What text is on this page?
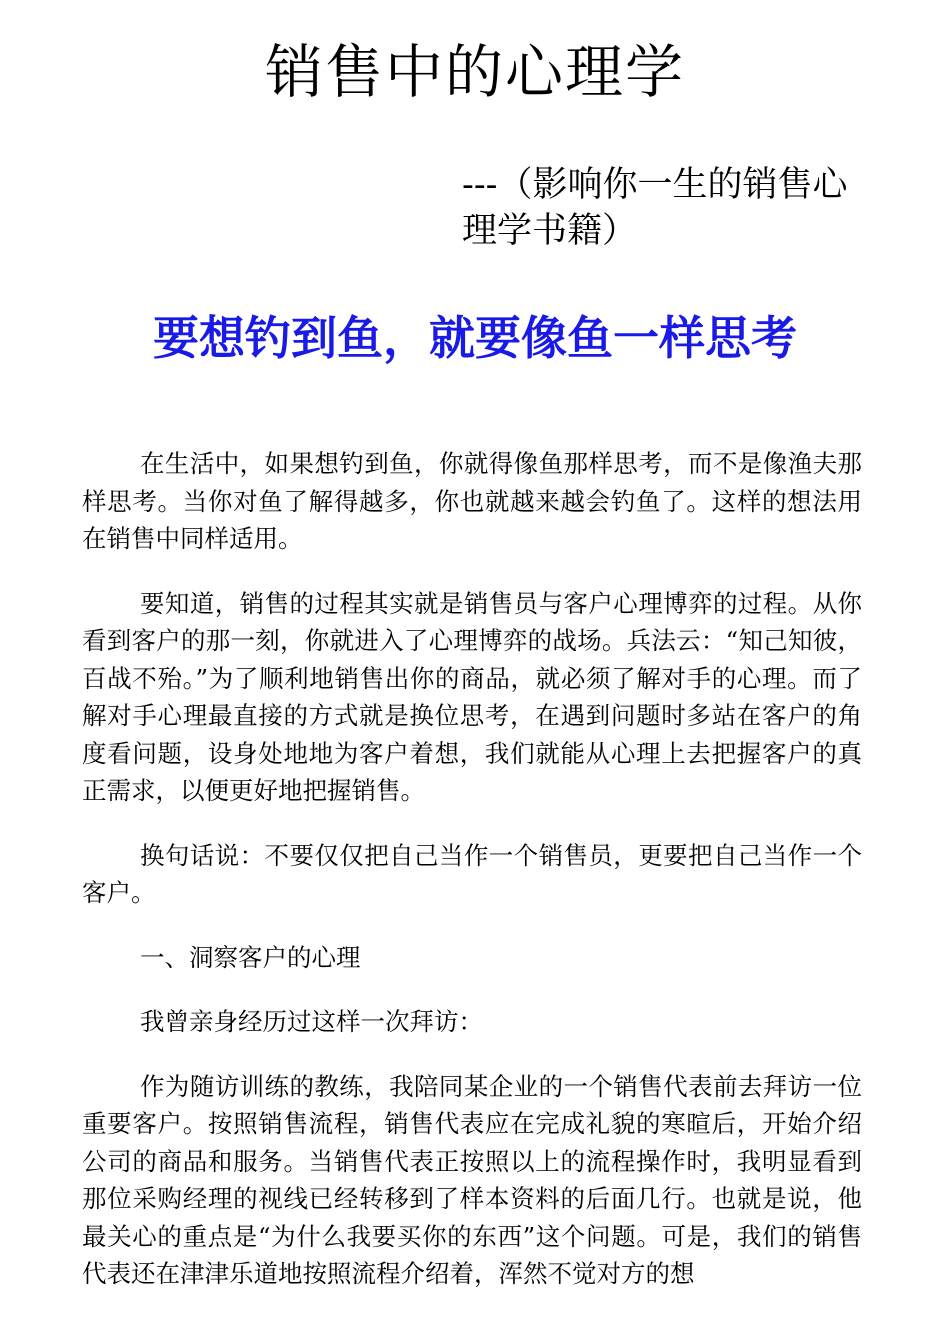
销售中的心理学

---（影响你一生的销售心理学书籍）

要想钓到鱼，就要像鱼一样思考

在生活中，如果想钓到鱼，你就得像鱼那样思考，而不是像渔夫那样思考。当你对鱼了解得越多，你也就越来越会钓鱼了。这样的想法用在销售中同样适用。

要知道，销售的过程其实就是销售员与客户心理博弈的过程。从你看到客户的那一刻，你就进入了心理博弈的战场。兵法云：“知己知彼，百战不殆。”为了顺利地销售出你的商品，就必须了解对手的心理。而了解对手心理最直接的方式就是换位思考，在遇到问题时多站在客户的角度看问题，设身处地地为客户着想，我们就能从心理上去把握客户的真正需求，以便更好地把握销售。

换句话说：不要仅仅把自己当作一个销售员，更要把自己当作一个客户。

一、洞察客户的心理

我曾亲身经历过这样一次拜访：

作为随访训练的教练，我陪同某企业的一个销售代表前去拜访一位重要客户。按照销售流程，销售代表应在完成礼貌的寒暄后，开始介绍公司的商品和服务。当销售代表正按照以上的流程操作时，我明显看到那位采购经理的视线已经转移到了样本资料的后面几行。也就是说，他最关心的重点是“为什么我要买你的东西”这个问题。可是，我们的销售代表还在津津乐道地按照流程介绍着，浑然不觉对方的想
